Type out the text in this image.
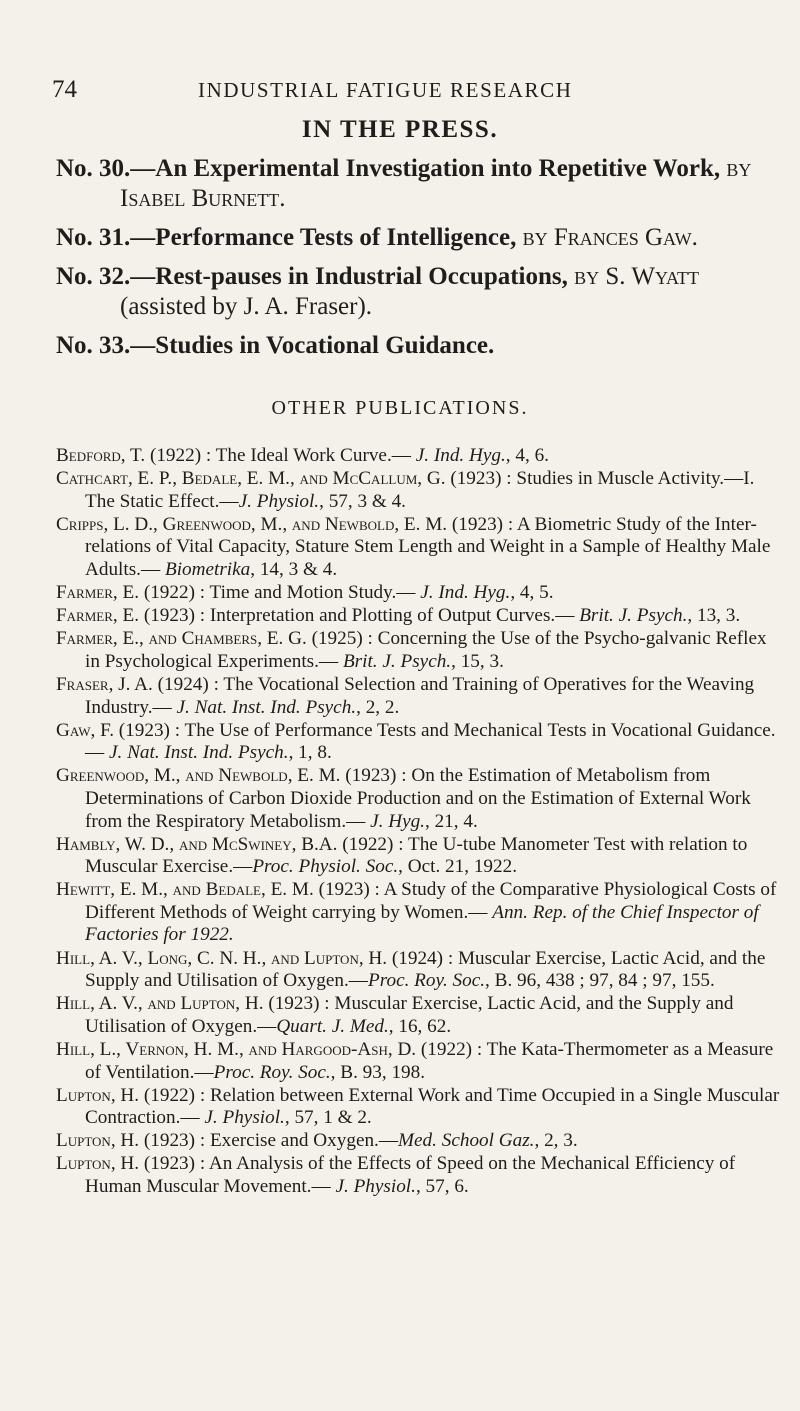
74	INDUSTRIAL FATIGUE RESEARCH
IN THE PRESS.
No. 30.—An Experimental Investigation into Repetitive Work, by Isabel Burnett.
No. 31.—Performance Tests of Intelligence, by Frances Gaw.
No. 32.—Rest-pauses in Industrial Occupations, by S. Wyatt (assisted by J. A. Fraser).
No. 33.—Studies in Vocational Guidance.
OTHER PUBLICATIONS.
Bedford, T. (1922) : The Ideal Work Curve.— J. Ind. Hyg., 4, 6.
Cathcart, E. P., Bedale, E. M., and McCallum, G. (1923) : Studies in Muscle Activity.—I. The Static Effect.—J. Physiol., 57, 3 & 4.
Cripps, L. D., Greenwood, M., and Newbold, E. M. (1923) : A Biometric Study of the Inter-relations of Vital Capacity, Stature Stem Length and Weight in a Sample of Healthy Male Adults.— Biometrika, 14, 3 & 4.
Farmer, E. (1922) : Time and Motion Study.— J. Ind. Hyg., 4, 5.
Farmer, E. (1923) : Interpretation and Plotting of Output Curves.— Brit. J. Psych., 13, 3.
Farmer, E., and Chambers, E. G. (1925) : Concerning the Use of the Psycho-galvanic Reflex in Psychological Experiments.— Brit. J. Psych., 15, 3.
Fraser, J. A. (1924) : The Vocational Selection and Training of Operatives for the Weaving Industry.— J. Nat. Inst. Ind. Psych., 2, 2.
Gaw, F. (1923) : The Use of Performance Tests and Mechanical Tests in Vocational Guidance.— J. Nat. Inst. Ind. Psych., 1, 8.
Greenwood, M., and Newbold, E. M. (1923) : On the Estimation of Metabolism from Determinations of Carbon Dioxide Production and on the Estimation of External Work from the Respiratory Metabolism.— J. Hyg., 21, 4.
Hambly, W. D., and McSwiney, B.A. (1922) : The U-tube Manometer Test with relation to Muscular Exercise.—Proc. Physiol. Soc., Oct. 21, 1922.
Hewitt, E. M., and Bedale, E. M. (1923) : A Study of the Comparative Physiological Costs of Different Methods of Weight carrying by Women.— Ann. Rep. of the Chief Inspector of Factories for 1922.
Hill, A. V., Long, C. N. H., and Lupton, H. (1924) : Muscular Exercise, Lactic Acid, and the Supply and Utilisation of Oxygen.—Proc. Roy. Soc., B. 96, 438 ; 97, 84 ; 97, 155.
Hill, A. V., and Lupton, H. (1923) : Muscular Exercise, Lactic Acid, and the Supply and Utilisation of Oxygen.—Quart. J. Med., 16, 62.
Hill, L., Vernon, H. M., and Hargood-Ash, D. (1922) : The Kata-Thermometer as a Measure of Ventilation.—Proc. Roy. Soc., B. 93, 198.
Lupton, H. (1922) : Relation between External Work and Time Occupied in a Single Muscular Contraction.— J. Physiol., 57, 1 & 2.
Lupton, H. (1923) : Exercise and Oxygen.—Med. School Gaz., 2, 3.
Lupton, H. (1923) : An Analysis of the Effects of Speed on the Mechanical Efficiency of Human Muscular Movement.— J. Physiol., 57, 6.
